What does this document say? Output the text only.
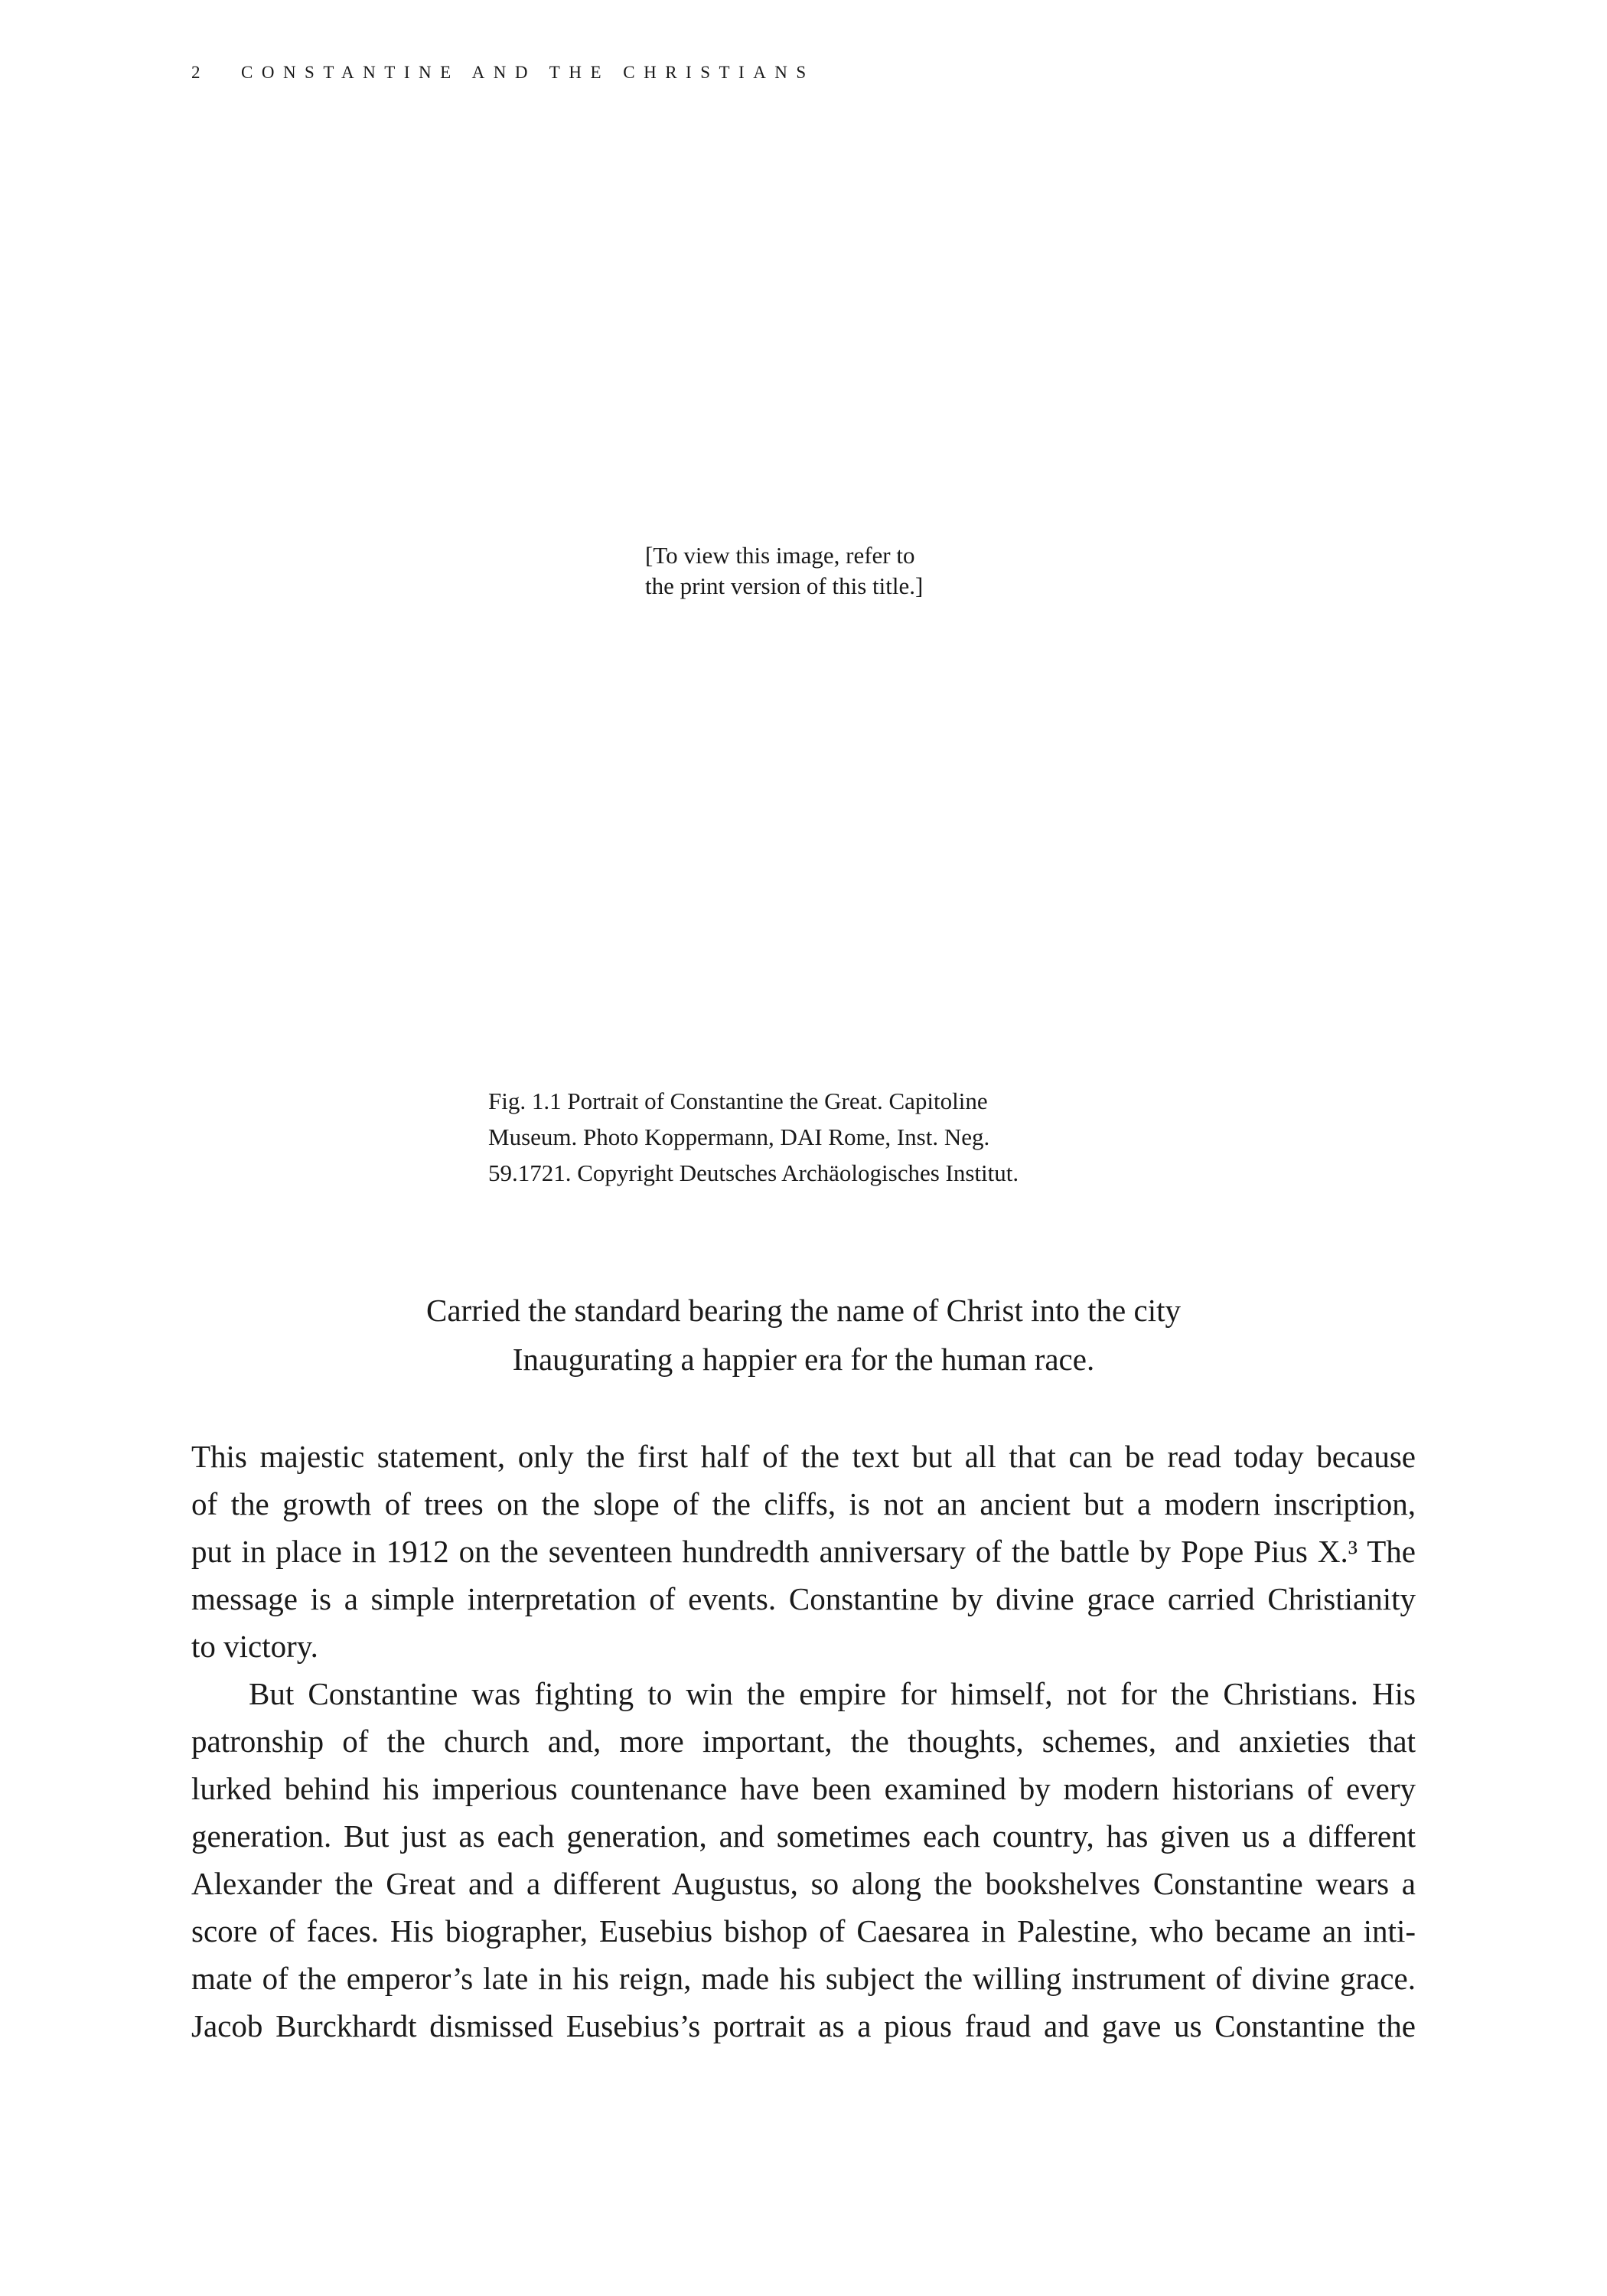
2 CONSTANTINE AND THE CHRISTIANS
[To view this image, refer to
the print version of this title.]
Fig. 1.1 Portrait of Constantine the Great. Capitoline
Museum. Photo Koppermann, DAI Rome, Inst. Neg.
59.1721. Copyright Deutsches Archäologisches Institut.
Carried the standard bearing the name of Christ into the city
Inaugurating a happier era for the human race.
This majestic statement, only the first half of the text but all that can be read today because
of the growth of trees on the slope of the cliffs, is not an ancient but a modern inscription,
put in place in 1912 on the seventeen hundredth anniversary of the battle by Pope Pius X.³ The
message is a simple interpretation of events. Constantine by divine grace carried Christianity
to victory.
But Constantine was fighting to win the empire for himself, not for the Christians. His
patronship of the church and, more important, the thoughts, schemes, and anxieties that
lurked behind his imperious countenance have been examined by modern historians of every
generation. But just as each generation, and sometimes each country, has given us a different
Alexander the Great and a different Augustus, so along the bookshelves Constantine wears a
score of faces. His biographer, Eusebius bishop of Caesarea in Palestine, who became an inti-
mate of the emperor’s late in his reign, made his subject the willing instrument of divine grace.
Jacob Burckhardt dismissed Eusebius’s portrait as a pious fraud and gave us Constantine the
